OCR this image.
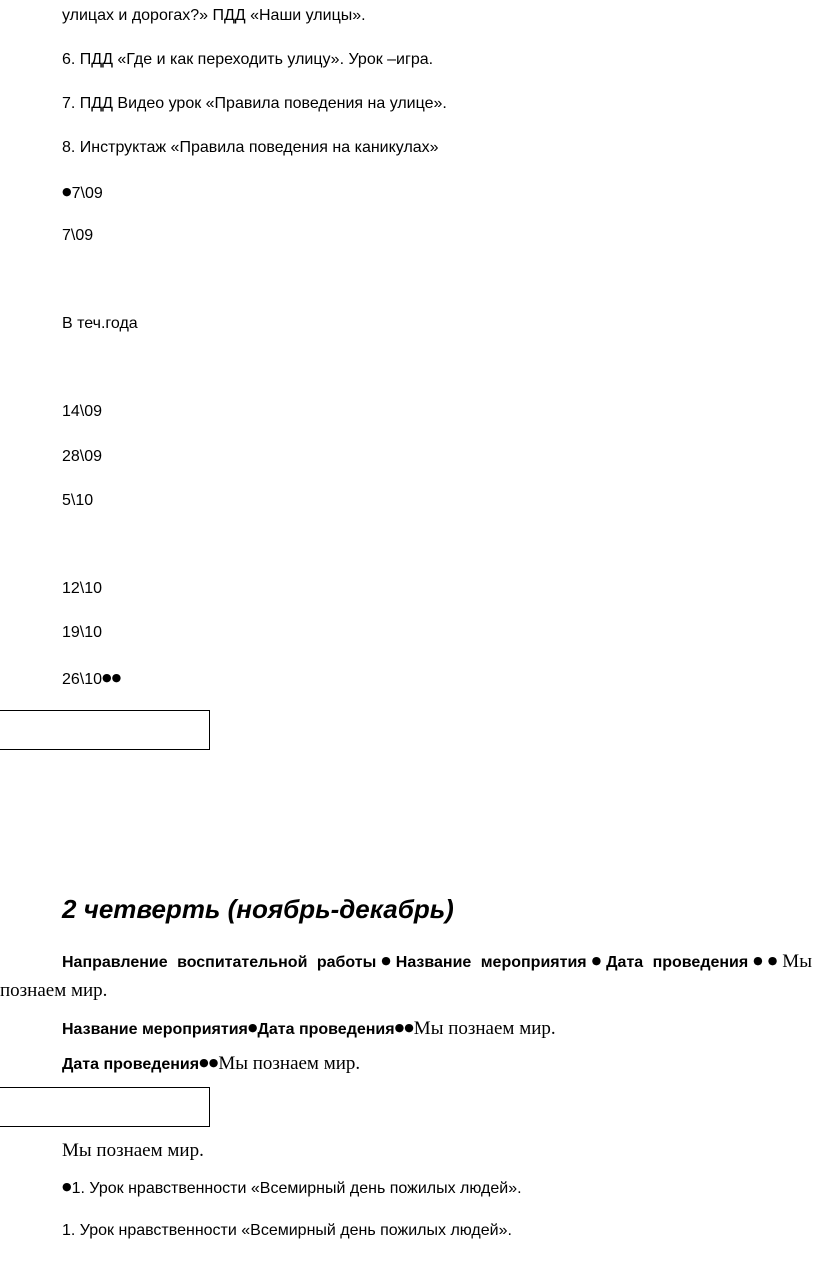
улицах и дорогах?» ПДД «Наши улицы».
6. ПДД «Где и как переходить улицу». Урок –игра.
7. ПДД Видео урок «Правила поведения на улице».
8. Инструктаж «Правила поведения на каникулах»
●7\09
7\09
В теч.года
14\09
28\09
5\10
12\10
19\10
26\10●●
2 четверть (ноябрь-декабрь)
Направление воспитательной работы●Название мероприятия●Дата проведения●●Мы
познаем мир.
Название мероприятия●Дата проведения●●Мы познаем мир.
Дата проведения●●Мы познаем мир.
Мы познаем мир.
●1. Урок нравственности «Всемирный день пожилых людей».
1. Урок нравственности «Всемирный день пожилых людей».
